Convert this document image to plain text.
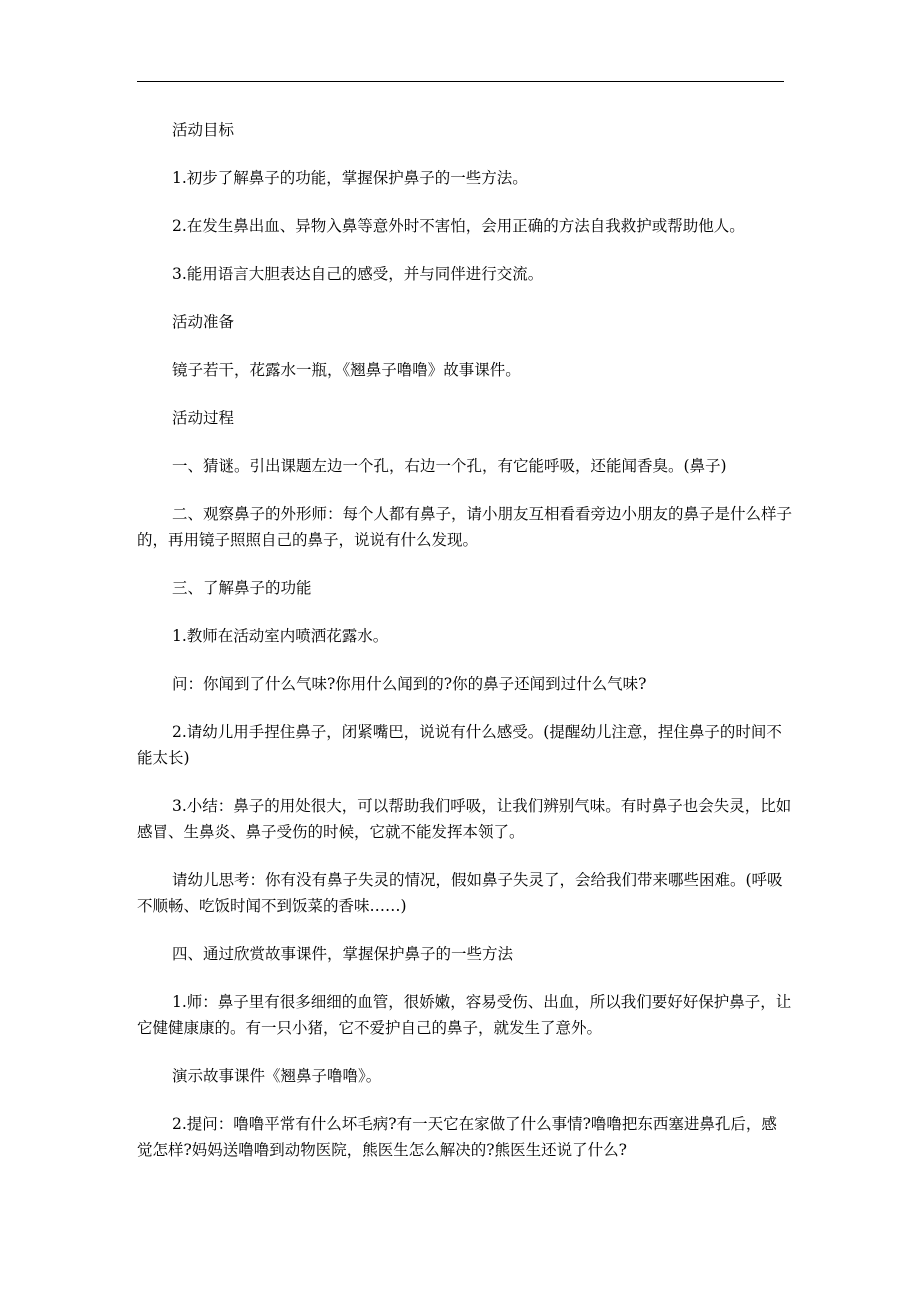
活动目标

1.初步了解鼻子的功能，掌握保护鼻子的一些方法。

2.在发生鼻出血、异物入鼻等意外时不害怕，会用正确的方法自我救护或帮助他人。

3.能用语言大胆表达自己的感受，并与同伴进行交流。

活动准备

镜子若干，花露水一瓶，《翘鼻子噜噜》故事课件。

活动过程

一、猜谜。引出课题左边一个孔，右边一个孔，有它能呼吸，还能闻香臭。(鼻子)

二、观察鼻子的外形师：每个人都有鼻子，请小朋友互相看看旁边小朋友的鼻子是什么样子的，再用镜子照照自己的鼻子，说说有什么发现。

三、了解鼻子的功能

1.教师在活动室内喷洒花露水。

问：你闻到了什么气味?你用什么闻到的?你的鼻子还闻到过什么气味?

2.请幼儿用手捏住鼻子，闭紧嘴巴，说说有什么感受。(提醒幼儿注意，捏住鼻子的时间不能太长)

3.小结：鼻子的用处很大，可以帮助我们呼吸，让我们辨别气味。有时鼻子也会失灵，比如感冒、生鼻炎、鼻子受伤的时候，它就不能发挥本领了。

请幼儿思考：你有没有鼻子失灵的情况，假如鼻子失灵了，会给我们带来哪些困难。(呼吸不顺畅、吃饭时闻不到饭菜的香味……)

四、通过欣赏故事课件，掌握保护鼻子的一些方法

1.师：鼻子里有很多细细的血管，很娇嫩，容易受伤、出血，所以我们要好好保护鼻子，让它健健康康的。有一只小猪，它不爱护自己的鼻子，就发生了意外。

演示故事课件《翘鼻子噜噜》。

2.提问：噜噜平常有什么坏毛病?有一天它在家做了什么事情?噜噜把东西塞进鼻孔后，感觉怎样?妈妈送噜噜到动物医院，熊医生怎么解决的?熊医生还说了什么?
